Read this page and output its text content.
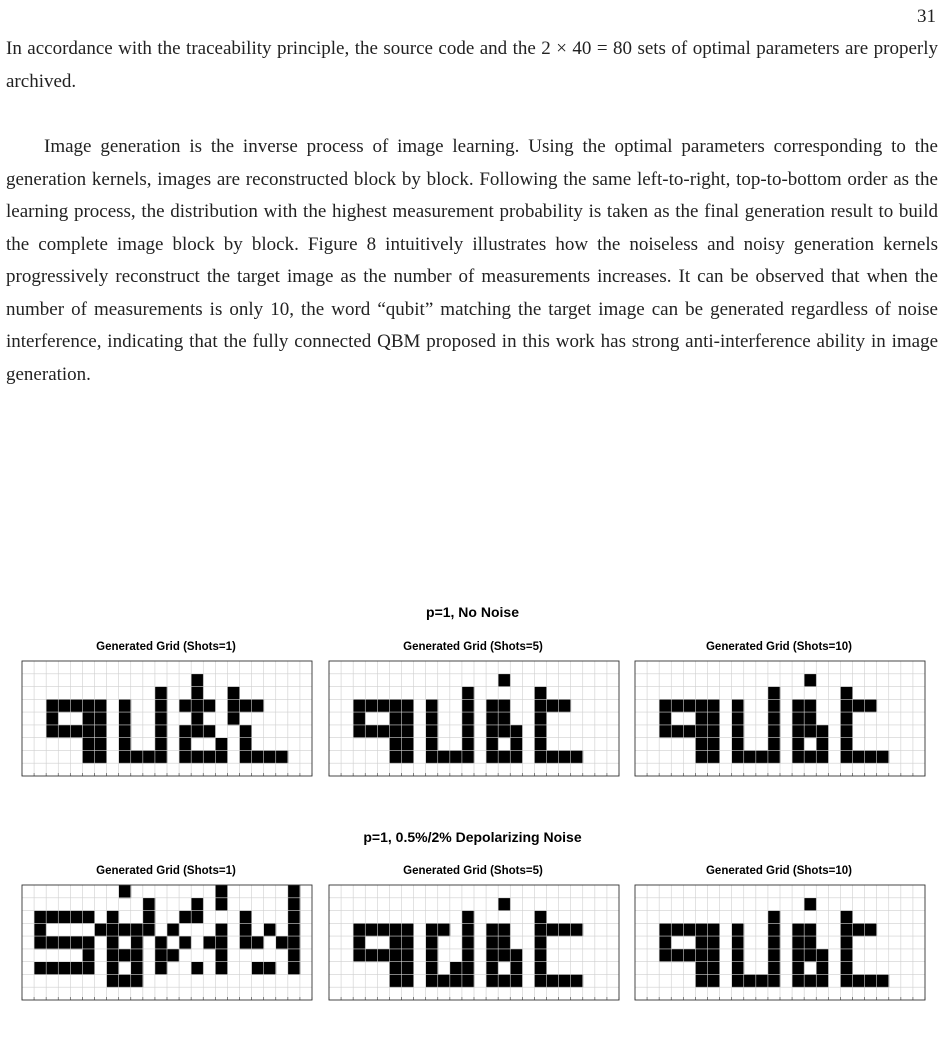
31

In accordance with the traceability principle, the source code and the 2 × 40 = 80 sets of optimal parameters are properly archived.

Image generation is the inverse process of image learning. Using the optimal parameters corresponding to the generation kernels, images are reconstructed block by block. Following the same left-to-right, top-to-bottom order as the learning process, the distribution with the highest measurement probability is taken as the final generation result to build the complete image block by block. Figure 8 intuitively illustrates how the noiseless and noisy generation kernels progressively reconstruct the target image as the number of measurements increases. It can be observed that when the number of measurements is only 10, the word “qubit” matching the target image can be generated regardless of noise interference, indicating that the fully connected QBM proposed in this work has strong anti-interference ability in image generation.

p=1, No Noise
Generated Grid (Shots=1)	Generated Grid (Shots=5)	Generated Grid (Shots=10)
p=1, 0.5%/2% Depolarizing Noise
Generated Grid (Shots=1)	Generated Grid (Shots=5)	Generated Grid (Shots=10)
